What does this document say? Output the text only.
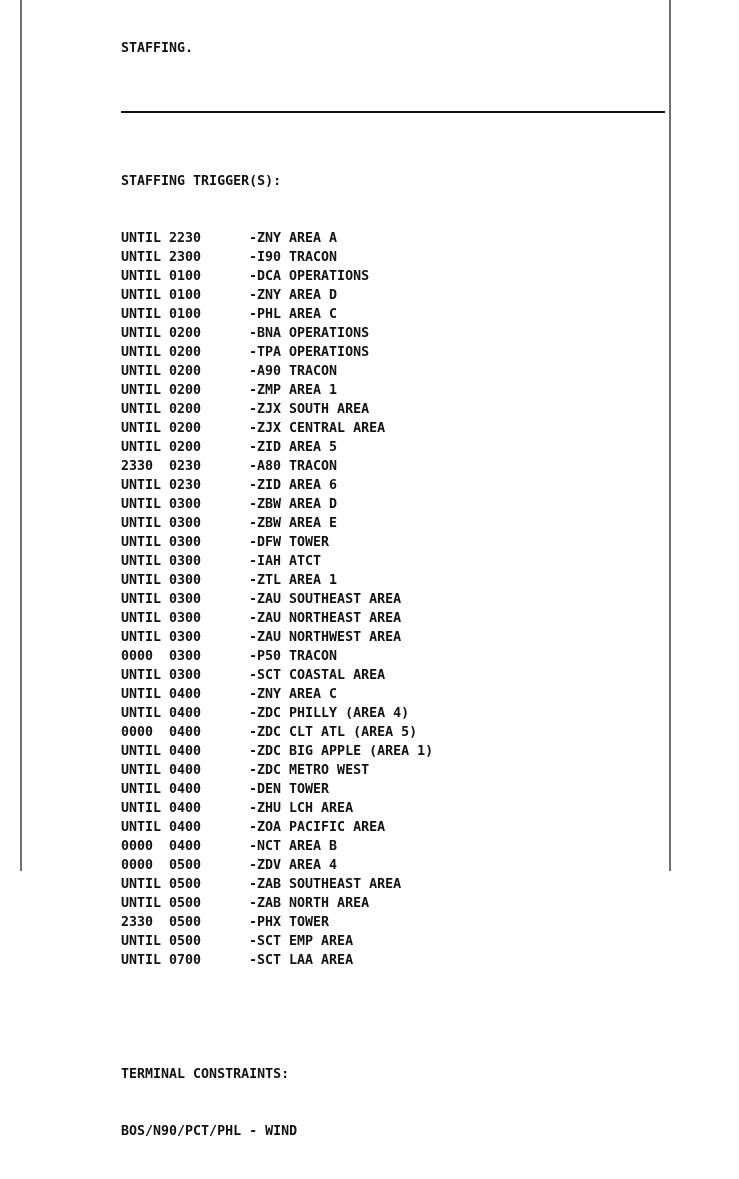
STAFFING.

STAFFING TRIGGER(S):

UNTIL 2230	-ZNY AREA A
UNTIL 2300	-I90 TRACON
UNTIL 0100	-DCA OPERATIONS
UNTIL 0100	-ZNY AREA D
UNTIL 0100	-PHL AREA C
UNTIL 0200	-BNA OPERATIONS
UNTIL 0200	-TPA OPERATIONS
UNTIL 0200	-A90 TRACON
UNTIL 0200	-ZMP AREA 1
UNTIL 0200	-ZJX SOUTH AREA
UNTIL 0200	-ZJX CENTRAL AREA
UNTIL 0200	-ZID AREA 5
2330  0230	-A80 TRACON
UNTIL 0230	-ZID AREA 6
UNTIL 0300	-ZBW AREA D
UNTIL 0300	-ZBW AREA E
UNTIL 0300	-DFW TOWER
UNTIL 0300	-IAH ATCT
UNTIL 0300	-ZTL AREA 1
UNTIL 0300	-ZAU SOUTHEAST AREA
UNTIL 0300	-ZAU NORTHEAST AREA
UNTIL 0300	-ZAU NORTHWEST AREA
0000  0300	-P50 TRACON
UNTIL 0300	-SCT COASTAL AREA
UNTIL 0400	-ZNY AREA C
UNTIL 0400	-ZDC PHILLY (AREA 4)
0000  0400	-ZDC CLT ATL (AREA 5)
UNTIL 0400	-ZDC BIG APPLE (AREA 1)
UNTIL 0400	-ZDC METRO WEST
UNTIL 0400	-DEN TOWER
UNTIL 0400	-ZHU LCH AREA
UNTIL 0400	-ZOA PACIFIC AREA
0000  0400	-NCT AREA B
0000  0500	-ZDV AREA 4
UNTIL 0500	-ZAB SOUTHEAST AREA
UNTIL 0500	-ZAB NORTH AREA
2330  0500	-PHX TOWER
UNTIL 0500	-SCT EMP AREA
UNTIL 0700	-SCT LAA AREA

TERMINAL CONSTRAINTS:

BOS/N90/PCT/PHL - WIND
